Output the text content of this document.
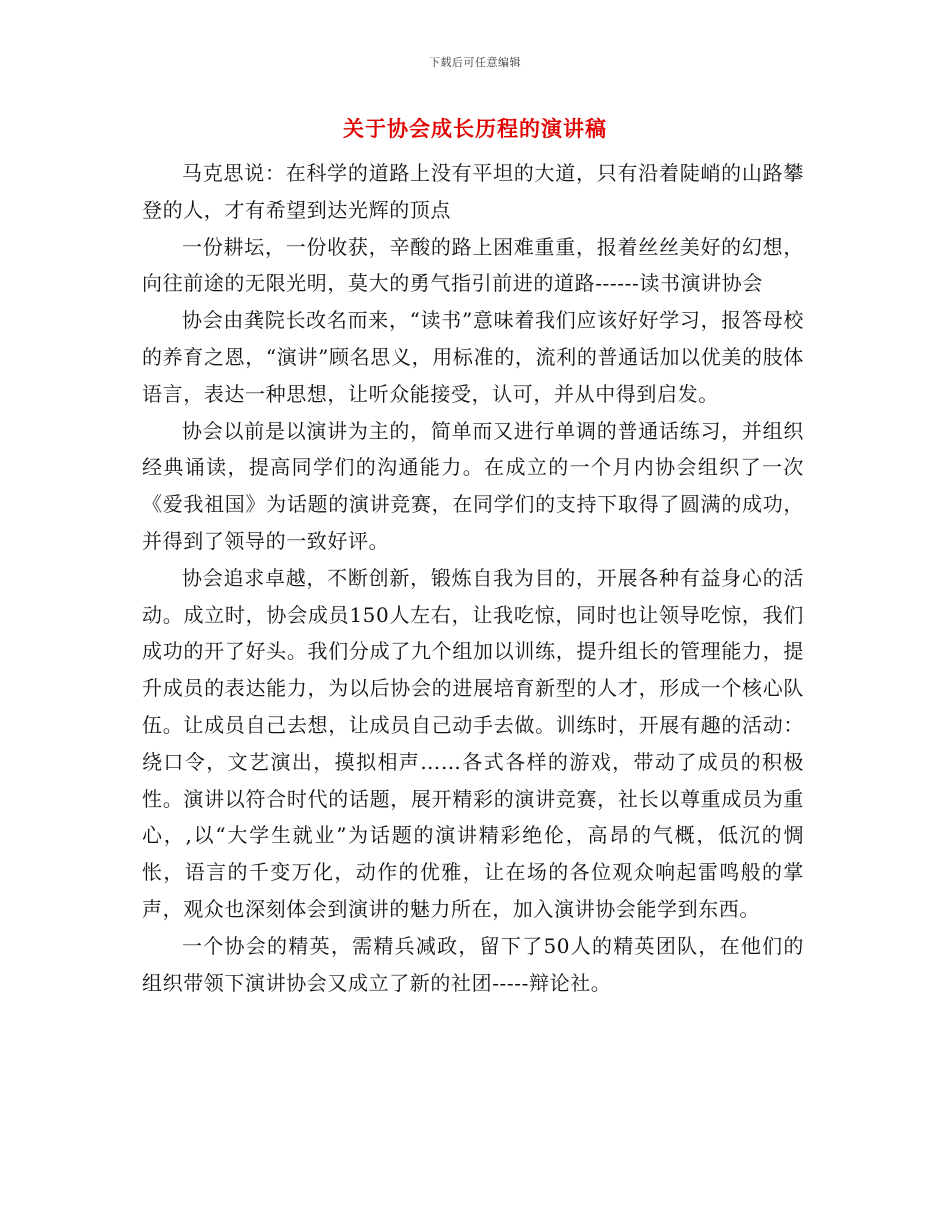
下载后可任意编辑
关于协会成长历程的演讲稿

马克思说：在科学的道路上没有平坦的大道，只有沿着陡峭的山路攀登的人，才有希望到达光辉的顶点

一份耕坛，一份收获，辛酸的路上困难重重，报着丝丝美好的幻想，向往前途的无限光明，莫大的勇气指引前进的道路------读书演讲协会

协会由龚院长改名而来，“读书”意味着我们应该好好学习，报答母校的养育之恩，“演讲”顾名思义，用标准的，流利的普通话加以优美的肢体语言，表达一种思想，让听众能接受，认可，并从中得到启发。

协会以前是以演讲为主的，简单而又进行单调的普通话练习，并组织经典诵读，提高同学们的沟通能力。在成立的一个月内协会组织了一次《爱我祖国》为话题的演讲竞赛，在同学们的支持下取得了圆满的成功，并得到了领导的一致好评。

协会追求卓越，不断创新，锻炼自我为目的，开展各种有益身心的活动。成立时，协会成员150人左右，让我吃惊，同时也让领导吃惊，我们成功的开了好头。我们分成了九个组加以训练，提升组长的管理能力，提升成员的表达能力，为以后协会的进展培育新型的人才，形成一个核心队伍。让成员自己去想，让成员自己动手去做。训练时，开展有趣的活动：绕口令，文艺演出，摸拟相声……各式各样的游戏，带动了成员的积极性。演讲以符合时代的话题，展开精彩的演讲竞赛，社长以尊重成员为重心，,以“大学生就业”为话题的演讲精彩绝伦，高昂的气概，低沉的惆怅，语言的千变万化，动作的优雅，让在场的各位观众响起雷鸣般的掌声，观众也深刻体会到演讲的魅力所在，加入演讲协会能学到东西。

一个协会的精英，需精兵减政，留下了50人的精英团队，在他们的组织带领下演讲协会又成立了新的社团-----辩论社。
